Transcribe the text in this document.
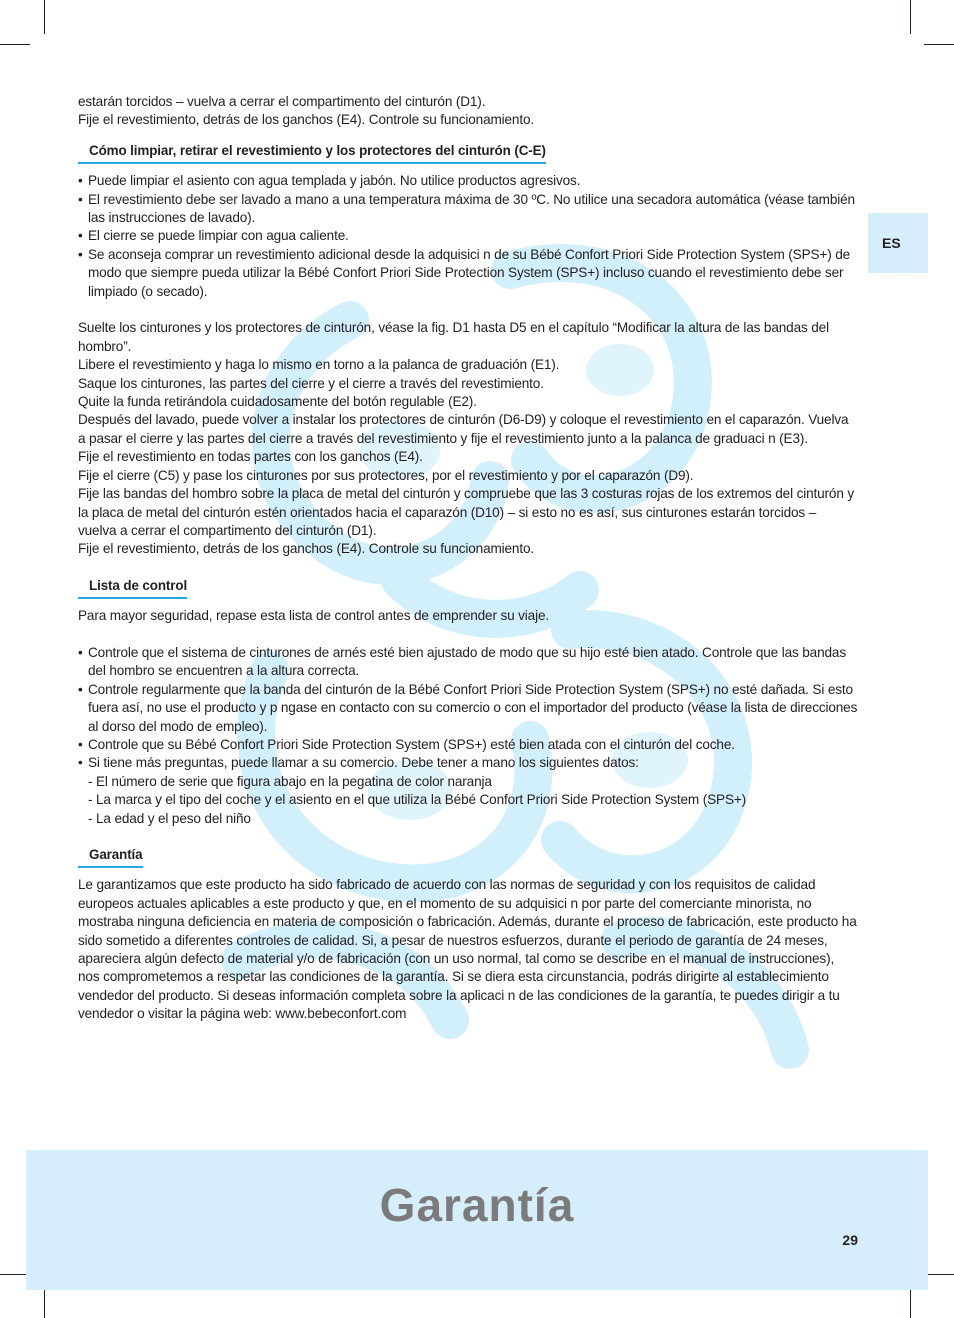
ES

estarán torcidos – vuelva a cerrar el compartimento del cinturón (D1).

Fije el revestimiento, detrás de los ganchos (E4). Controle su funcionamiento.

Cómo limpiar, retirar el revestimiento y los protectores del cinturón (C-E)
• Puede limpiar el asiento con agua templada y jabón. No utilice productos agresivos.
• El revestimiento debe ser lavado a mano a una temperatura máxima de 30 ºC. No utilice una secadora automática (véase también las instrucciones de lavado).
• El cierre se puede limpiar con agua caliente.
• Se aconseja comprar un revestimiento adicional desde la adquisici n de su Bébé Confort Priori Side Protection System (SPS+) de modo que siempre pueda utilizar la Bébé Confort Priori Side Protection System (SPS+) incluso cuando el revestimiento debe ser limpiado (o secado).

Suelte los cinturones y los protectores de cinturón, véase la fig. D1 hasta D5 en el capítulo “Modificar la altura de las bandas del hombro”.

Libere el revestimiento y haga lo mismo en torno a la palanca de graduación (E1).

Saque los cinturones, las partes del cierre y el cierre a través del revestimiento.

Quite la funda retirándola cuidadosamente del botón regulable (E2).

Después del lavado, puede volver a instalar los protectores de cinturón (D6-D9) y coloque el revestimiento en el caparazón. Vuelva a pasar el cierre y las partes del cierre a través del revestimiento y fije el revestimiento junto a la palanca de graduaci n (E3).

Fije el revestimiento en todas partes con los ganchos (E4).

Fije el cierre (C5) y pase los cinturones por sus protectores, por el revestimiento y por el caparazón (D9).

Fije las bandas del hombro sobre la placa de metal del cinturón y compruebe que las 3 costuras rojas de los extremos del cinturón y la placa de metal del cinturón estén orientados hacia el caparazón (D10) – si esto no es así, sus cinturones estarán torcidos – vuelva a cerrar el compartimento del cinturón (D1).

Fije el revestimiento, detrás de los ganchos (E4). Controle su funcionamiento.

Lista de control

Para mayor seguridad, repase esta lista de control antes de emprender su viaje.

• Controle que el sistema de cinturones de arnés esté bien ajustado de modo que su hijo esté bien atado. Controle que las bandas del hombro se encuentren a la altura correcta.
• Controle regularmente que la banda del cinturón de la Bébé Confort Priori Side Protection System (SPS+) no esté dañada. Si esto fuera así, no use el producto y p ngase en contacto con su comercio o con el importador del producto (véase la lista de direcciones al dorso del modo de empleo).
• Controle que su Bébé Confort Priori Side Protection System (SPS+) esté bien atada con el cinturón del coche.
• Si tiene más preguntas, puede llamar a su comercio. Debe tener a mano los siguientes datos:
- El número de serie que figura abajo en la pegatina de color naranja
- La marca y el tipo del coche y el asiento en el que utiliza la Bébé Confort Priori Side Protection System (SPS+)
- La edad y el peso del niño
Garantía

Le garantizamos que este producto ha sido fabricado de acuerdo con las normas de seguridad y con los requisitos de calidad europeos actuales aplicables a este producto y que, en el momento de su adquisici n por parte del comerciante minorista, no mostraba ninguna deficiencia en materia de composición o fabricación. Además, durante el proceso de fabricación, este producto ha sido sometido a diferentes controles de calidad. Si, a pesar de nuestros esfuerzos, durante el periodo de garantía de 24 meses, apareciera algún defecto de material y/o de fabricación (con un uso normal, tal como se describe en el manual de instrucciones), nos comprometemos a respetar las condiciones de la garantía. Si se diera esta circunstancia, podrás dirigirte al establecimiento vendedor del producto. Si deseas información completa sobre la aplicaci n de las condiciones de la garantía, te puedes dirigir a tu vendedor o visitar la página web: www.bebeconfort.com

Garantía
29
